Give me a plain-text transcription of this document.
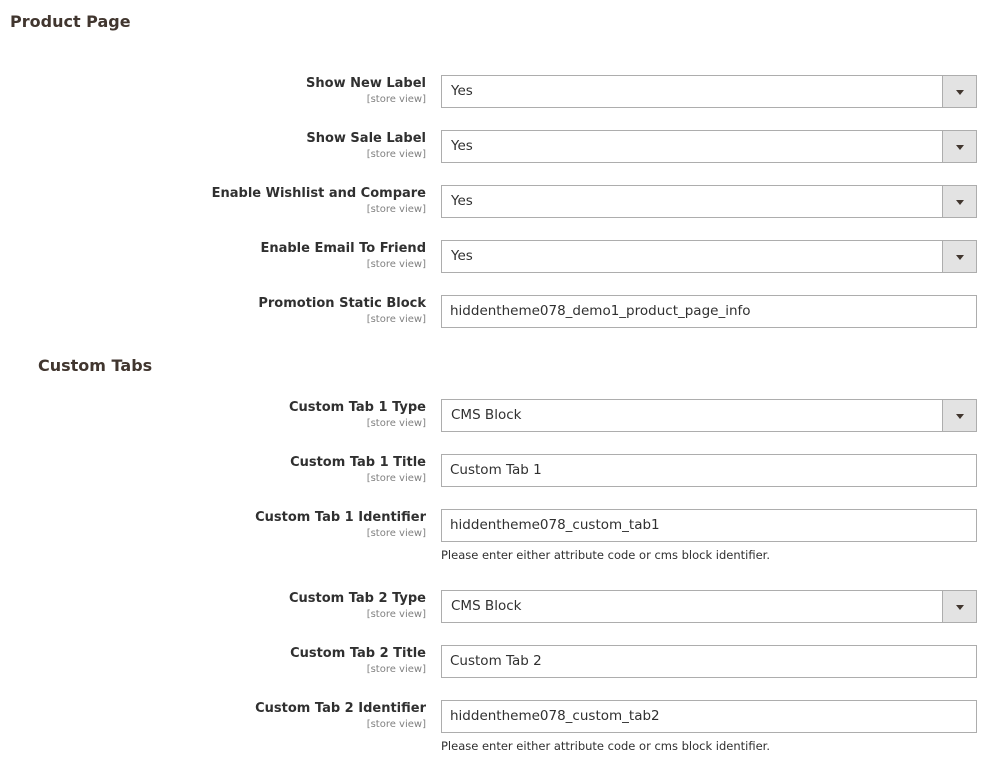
Product Page
Custom Tabs
Show New Label
[store view]
Yes
Show Sale Label
[store view]
Yes
Enable Wishlist and Compare
[store view]
Yes
Enable Email To Friend
[store view]
Yes
Promotion Static Block
[store view]
hiddentheme078_demo1_product_page_info
Custom Tab 1 Type
[store view]
CMS Block
Custom Tab 1 Title
[store view]
Custom Tab 1
Custom Tab 1 Identifier
[store view]
hiddentheme078_custom_tab1
Please enter either attribute code or cms block identifier.
Custom Tab 2 Type
[store view]
CMS Block
Custom Tab 2 Title
[store view]
Custom Tab 2
Custom Tab 2 Identifier
[store view]
hiddentheme078_custom_tab2
Please enter either attribute code or cms block identifier.
